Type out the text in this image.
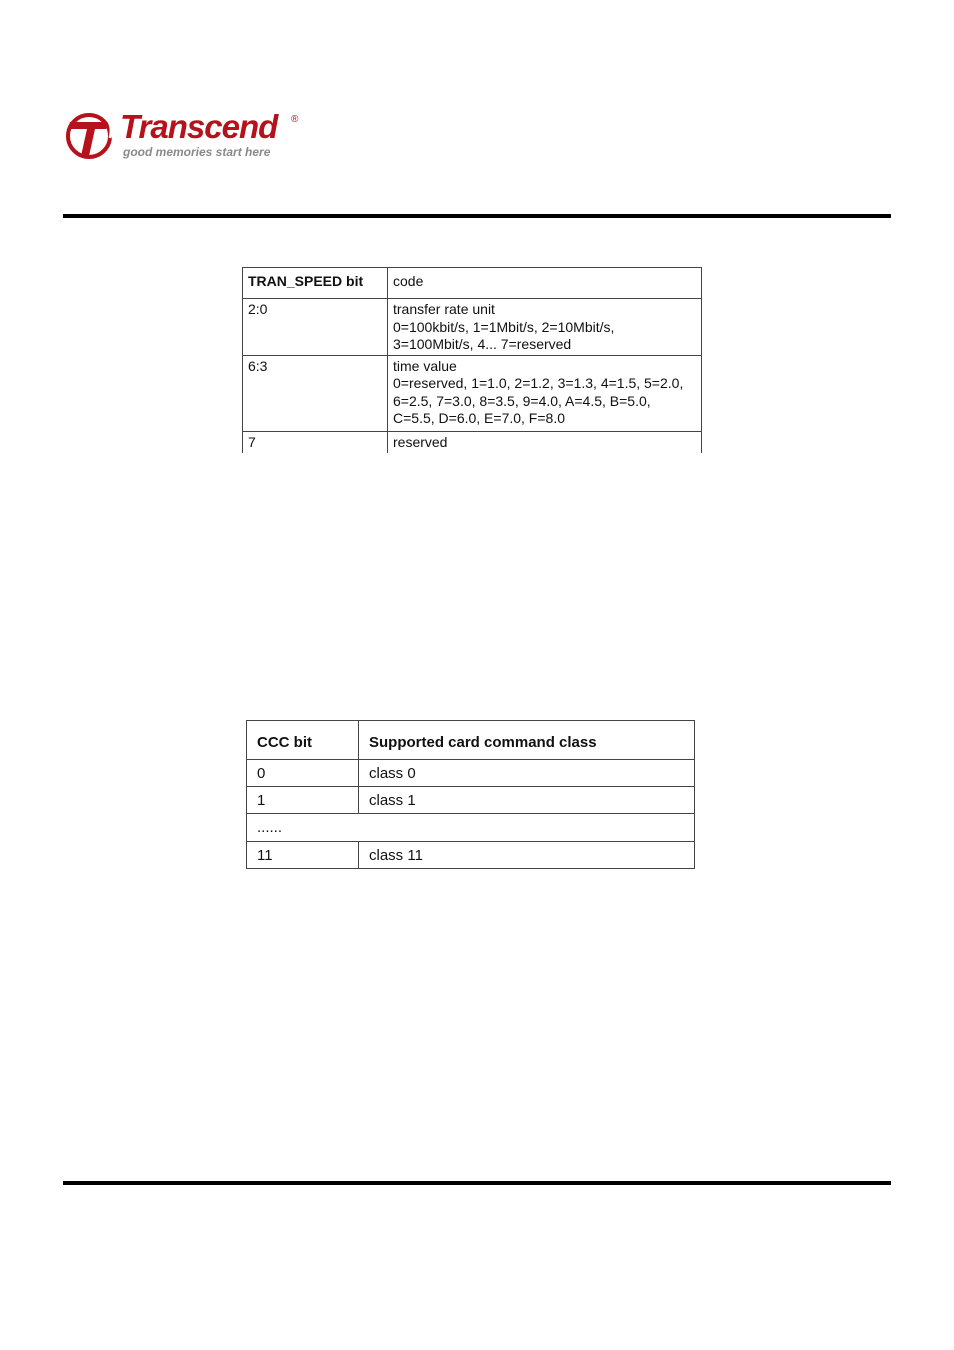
Transcend ®
good memories start here
TRAN_SPEED bit	code
2:0	transfer rate unit
0=100kbit/s, 1=1Mbit/s, 2=10Mbit/s,
3=100Mbit/s, 4... 7=reserved

6:3	time value
0=reserved, 1=1.0, 2=1.2, 3=1.3, 4=1.5, 5=2.0,
6=2.5, 7=3.0, 8=3.5, 9=4.0, A=4.5, B=5.0,
C=5.5, D=6.0, E=7.0, F=8.0

7	reserved
CCC bit	Supported card command class
0	class 0
1	class 1
......	
11	class 11
